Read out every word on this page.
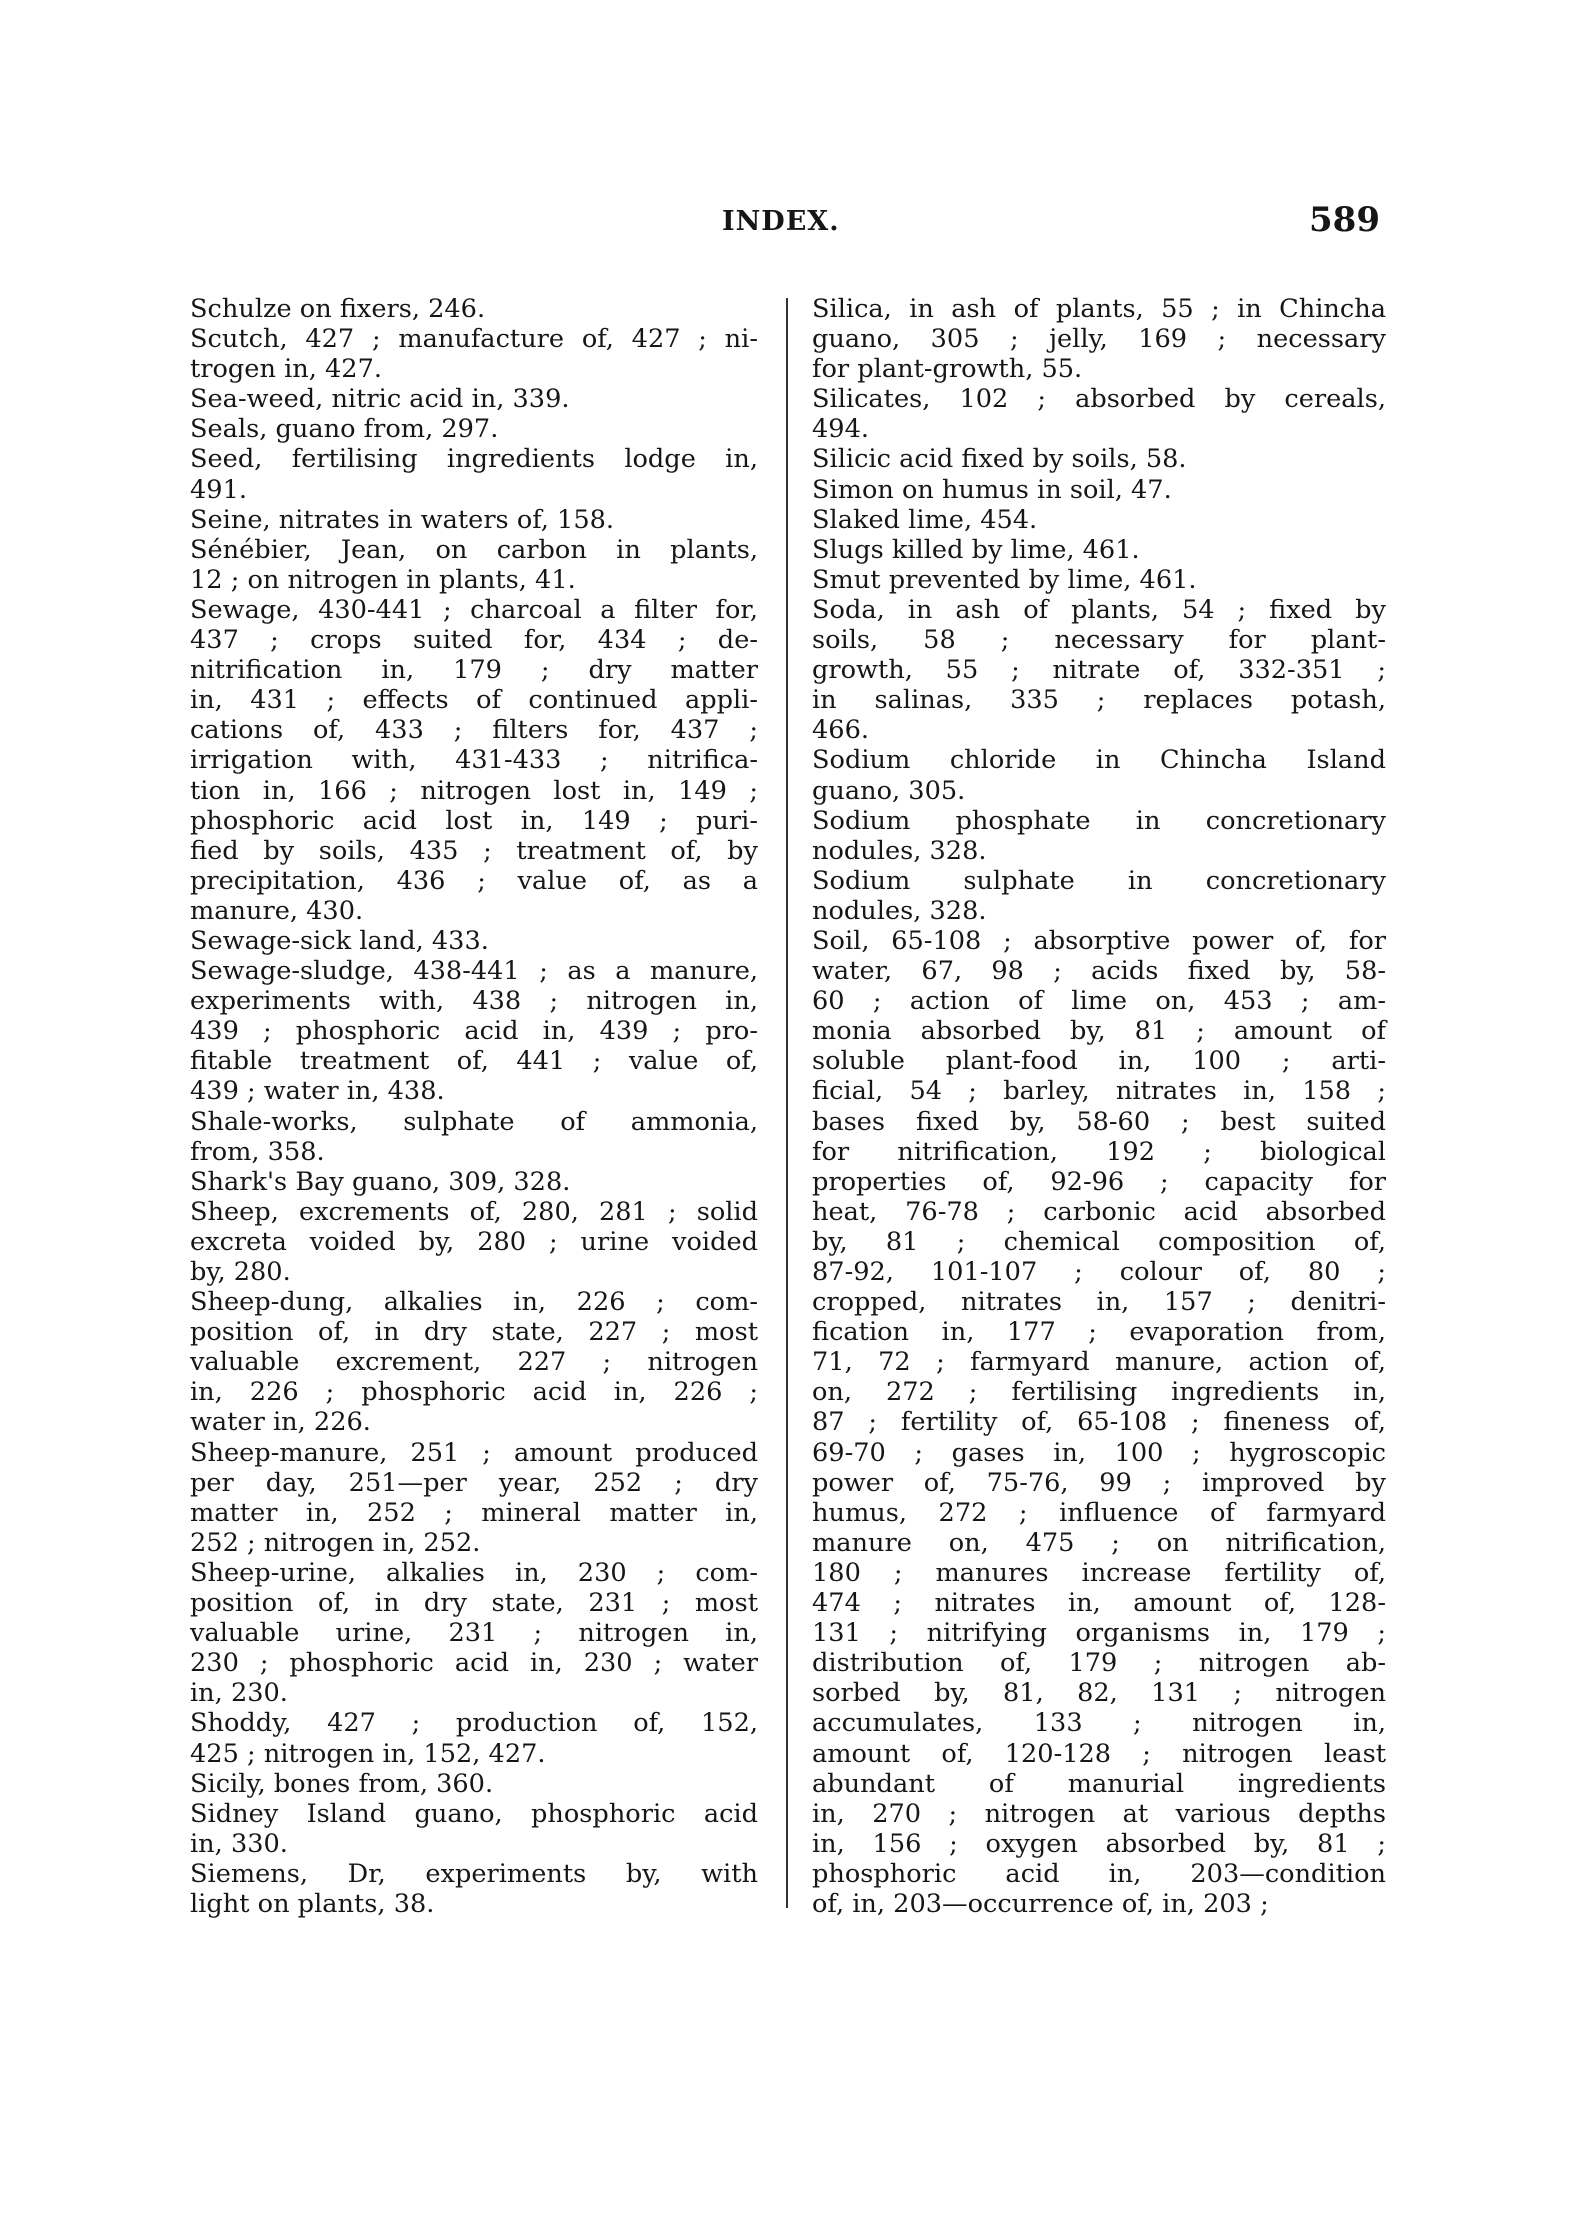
INDEX.	589
Schulze on fixers, 246.
Scutch, 427 ; manufacture of, 427 ; ni-
trogen in, 427.
Sea-weed, nitric acid in, 339.
Seals, guano from, 297.
Seed, fertilising ingredients lodge in,
491.
Seine, nitrates in waters of, 158.
Sénébier, Jean, on carbon in plants,
12 ; on nitrogen in plants, 41.
Sewage, 430-441 ; charcoal a filter for,
437 ; crops suited for, 434 ; de-
nitrification in, 179 ; dry matter
in, 431 ; effects of continued appli-
cations of, 433 ; filters for, 437 ;
irrigation with, 431-433 ; nitrifica-
tion in, 166 ; nitrogen lost in, 149 ;
phosphoric acid lost in, 149 ; puri-
fied by soils, 435 ; treatment of, by
precipitation, 436 ; value of, as a
manure, 430.
Sewage-sick land, 433.
Sewage-sludge, 438-441 ; as a manure,
experiments with, 438 ; nitrogen in,
439 ; phosphoric acid in, 439 ; pro-
fitable treatment of, 441 ; value of,
439 ; water in, 438.
Shale-works, sulphate of ammonia,
from, 358.
Shark's Bay guano, 309, 328.
Sheep, excrements of, 280, 281 ; solid
excreta voided by, 280 ; urine voided
by, 280.
Sheep-dung, alkalies in, 226 ; com-
position of, in dry state, 227 ; most
valuable excrement, 227 ; nitrogen
in, 226 ; phosphoric acid in, 226 ;
water in, 226.
Sheep-manure, 251 ; amount produced
per day, 251—per year, 252 ; dry
matter in, 252 ; mineral matter in,
252 ; nitrogen in, 252.
Sheep-urine, alkalies in, 230 ; com-
position of, in dry state, 231 ; most
valuable urine, 231 ; nitrogen in,
230 ; phosphoric acid in, 230 ; water
in, 230.
Shoddy, 427 ; production of, 152,
425 ; nitrogen in, 152, 427.
Sicily, bones from, 360.
Sidney Island guano, phosphoric acid
in, 330.
Siemens, Dr, experiments by, with
light on plants, 38.
Silica, in ash of plants, 55 ; in Chincha
guano, 305 ; jelly, 169 ; necessary
for plant-growth, 55.
Silicates, 102 ; absorbed by cereals,
494.
Silicic acid fixed by soils, 58.
Simon on humus in soil, 47.
Slaked lime, 454.
Slugs killed by lime, 461.
Smut prevented by lime, 461.
Soda, in ash of plants, 54 ; fixed by
soils, 58 ; necessary for plant-
growth, 55 ; nitrate of, 332-351 ;
in salinas, 335 ; replaces potash,
466.
Sodium chloride in Chincha Island
guano, 305.
Sodium phosphate in concretionary
nodules, 328.
Sodium sulphate in concretionary
nodules, 328.
Soil, 65-108 ; absorptive power of, for
water, 67, 98 ; acids fixed by, 58-
60 ; action of lime on, 453 ; am-
monia absorbed by, 81 ; amount of
soluble plant-food in, 100 ; arti-
ficial, 54 ; barley, nitrates in, 158 ;
bases fixed by, 58-60 ; best suited
for nitrification, 192 ; biological
properties of, 92-96 ; capacity for
heat, 76-78 ; carbonic acid absorbed
by, 81 ; chemical composition of,
87-92, 101-107 ; colour of, 80 ;
cropped, nitrates in, 157 ; denitri-
fication in, 177 ; evaporation from,
71, 72 ; farmyard manure, action of,
on, 272 ; fertilising ingredients in,
87 ; fertility of, 65-108 ; fineness of,
69-70 ; gases in, 100 ; hygroscopic
power of, 75-76, 99 ; improved by
humus, 272 ; influence of farmyard
manure on, 475 ; on nitrification,
180 ; manures increase fertility of,
474 ; nitrates in, amount of, 128-
131 ; nitrifying organisms in, 179 ;
distribution of, 179 ; nitrogen ab-
sorbed by, 81, 82, 131 ; nitrogen
accumulates, 133 ; nitrogen in,
amount of, 120-128 ; nitrogen least
abundant of manurial ingredients
in, 270 ; nitrogen at various depths
in, 156 ; oxygen absorbed by, 81 ;
phosphoric acid in, 203—condition
of, in, 203—occurrence of, in, 203 ;
